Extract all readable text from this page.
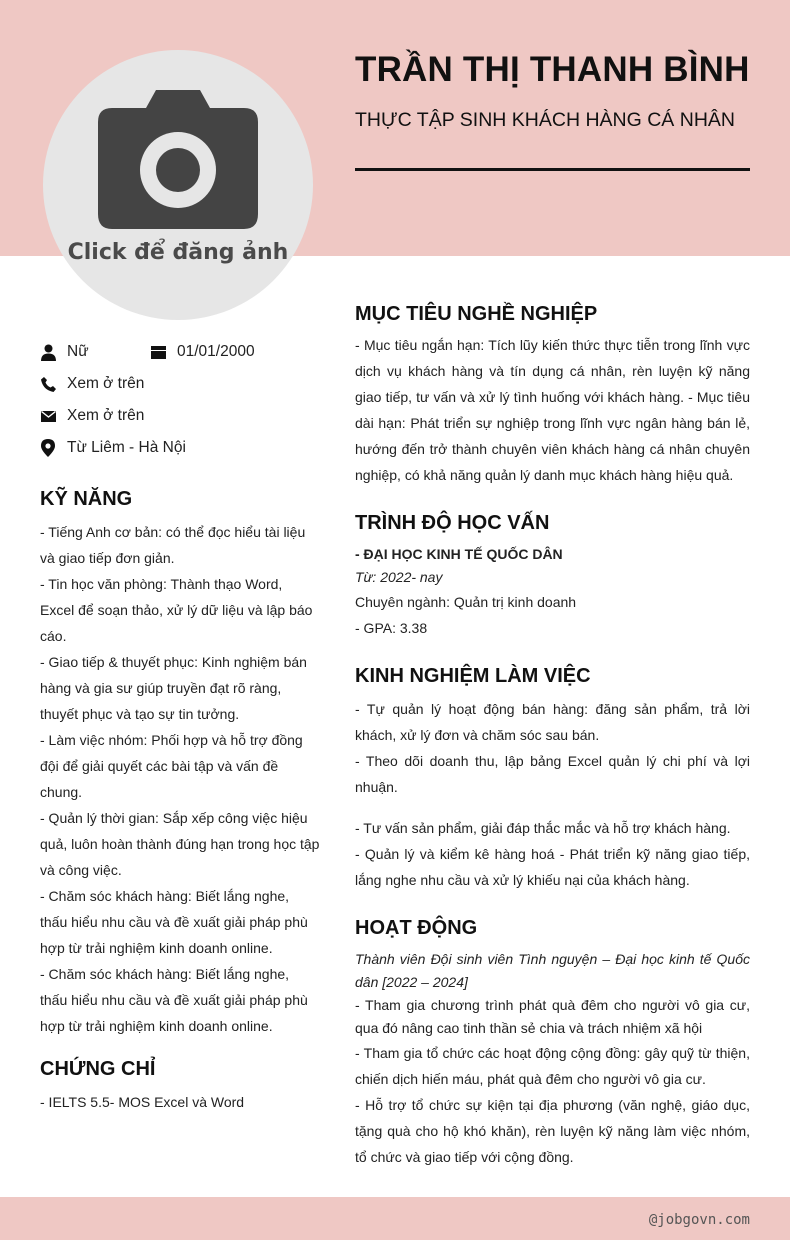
Click để đăng ảnh
TRẦN THỊ THANH BÌNH
THỰC TẬP SINH KHÁCH HÀNG CÁ NHÂN
Nữ	01/01/2000
Xem ở trên
Xem ở trên
Từ Liêm - Hà Nội
KỸ NĂNG
- Tiếng Anh cơ bản: có thể đọc hiểu tài liệu và giao tiếp đơn giản.
- Tin học văn phòng: Thành thạo Word, Excel để soạn thảo, xử lý dữ liệu và lập báo cáo.
- Giao tiếp & thuyết phục: Kinh nghiệm bán hàng và gia sư giúp truyền đạt rõ ràng, thuyết phục và tạo sự tin tưởng.
- Làm việc nhóm: Phối hợp và hỗ trợ đồng đội để giải quyết các bài tập và vấn đề chung.
- Quản lý thời gian: Sắp xếp công việc hiệu quả, luôn hoàn thành đúng hạn trong học tập và công việc.
- Chăm sóc khách hàng: Biết lắng nghe, thấu hiểu nhu cầu và đề xuất giải pháp phù hợp từ trải nghiệm kinh doanh online.
- Chăm sóc khách hàng: Biết lắng nghe, thấu hiểu nhu cầu và đề xuất giải pháp phù hợp từ trải nghiệm kinh doanh online.
CHỨNG CHỈ
- IELTS 5.5- MOS Excel và Word
MỤC TIÊU NGHỀ NGHIỆP
- Mục tiêu ngắn hạn: Tích lũy kiến thức thực tiễn trong lĩnh vực dịch vụ khách hàng và tín dụng cá nhân, rèn luyện kỹ năng giao tiếp, tư vấn và xử lý tình huống với khách hàng. - Mục tiêu dài hạn: Phát triển sự nghiệp trong lĩnh vực ngân hàng bán lẻ, hướng đến trở thành chuyên viên khách hàng cá nhân chuyên nghiệp, có khả năng quản lý danh mục khách hàng hiệu quả.
TRÌNH ĐỘ HỌC VẤN
- ĐẠI HỌC KINH TẾ QUỐC DÂN
Từ: 2022- nay
Chuyên ngành: Quản trị kinh doanh
- GPA: 3.38
KINH NGHIỆM LÀM VIỆC
- Tự quản lý hoạt động bán hàng: đăng sản phẩm, trả lời khách, xử lý đơn và chăm sóc sau bán.
- Theo dõi doanh thu, lập bảng Excel quản lý chi phí và lợi nhuận.
- Tư vấn sản phẩm, giải đáp thắc mắc và hỗ trợ khách hàng.
- Quản lý và kiểm kê hàng hoá - Phát triển kỹ năng giao tiếp, lắng nghe nhu cầu và xử lý khiếu nại của khách hàng.
HOẠT ĐỘNG
Thành viên Đội sinh viên Tình nguyện – Đại học kinh tế Quốc dân [2022 – 2024]
- Tham gia chương trình phát quà đêm cho người vô gia cư, qua đó nâng cao tinh thần sẻ chia và trách nhiệm xã hội
- Tham gia tổ chức các hoạt động cộng đồng: gây quỹ từ thiện, chiến dịch hiến máu, phát quà đêm cho người vô gia cư.
- Hỗ trợ tổ chức sự kiện tại địa phương (văn nghệ, giáo dục, tặng quà cho hộ khó khăn), rèn luyện kỹ năng làm việc nhóm, tổ chức và giao tiếp với cộng đồng.
@jobgovn.com
